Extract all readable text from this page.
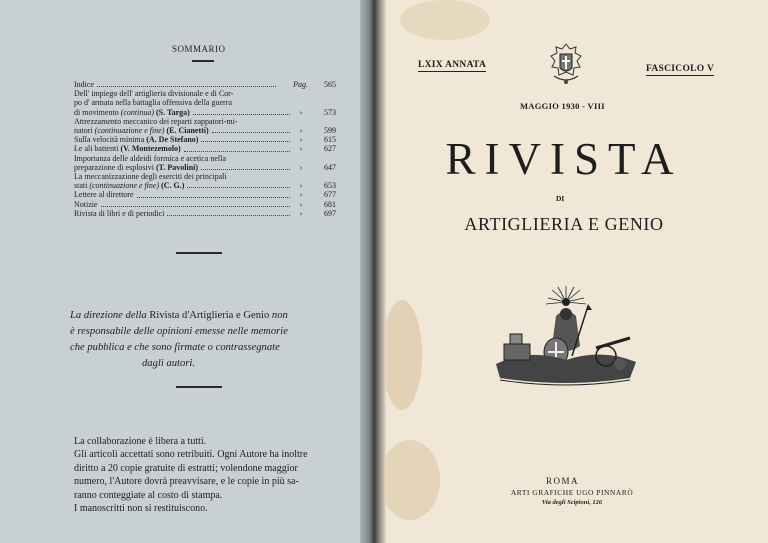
SOMMARIO
Indice	Pag.	565
Dell' impiego dell' artiglieria divisionale e di Cor-
po d' armata nella battaglia offensiva della guerra
di movimento
(continua)
(S. Targa)	›	573
Attrezzamento meccanico dei reparti zappatori-mi-
natori
(continuazione e fine)
(E. Cianetti)	›	599
Sulla velocità minima
(A. De Stefano)	›	615
Le ali battenti
(V. Montezemolo)	›	627
Importanza delle aldeidi formica e acetica nella
preparazione di esplosivi
(T. Pavolini)	›	647
La meccanizzazione degli eserciti dei principali
stati
(continuazione e fine)
(C. G.)	›	653
Lettere al direttore	›	677
Notizie	›	681
Rivista di libri e di periodici	›	697
La direzione della Rivista d'Artiglieria e Genio non
è responsabile delle opinioni emesse nelle memorie
che pubblica e che sono firmate o contrassegnate
dagli autori.

La collaborazione è libera a tutti.

Gli articoli accettati sono retribuiti. Ogni Autore ha inoltre

diritto a 20 copie gratuite di estratti; volendone maggior

numero, l'Autore dovrà preavvisare, e le copie in più sa-

ranno conteggiate al costo di stampa.

I manoscritti non si restituiscono.

LXIX ANNATA	FASCICOLO V
MAGGIO 1930 - VIII
RIVISTA
DI
ARTIGLIERIA E GENIO
ROMA
ARTI GRAFICHE UGO PINNARÒ
Via degli Scipioni, 126
